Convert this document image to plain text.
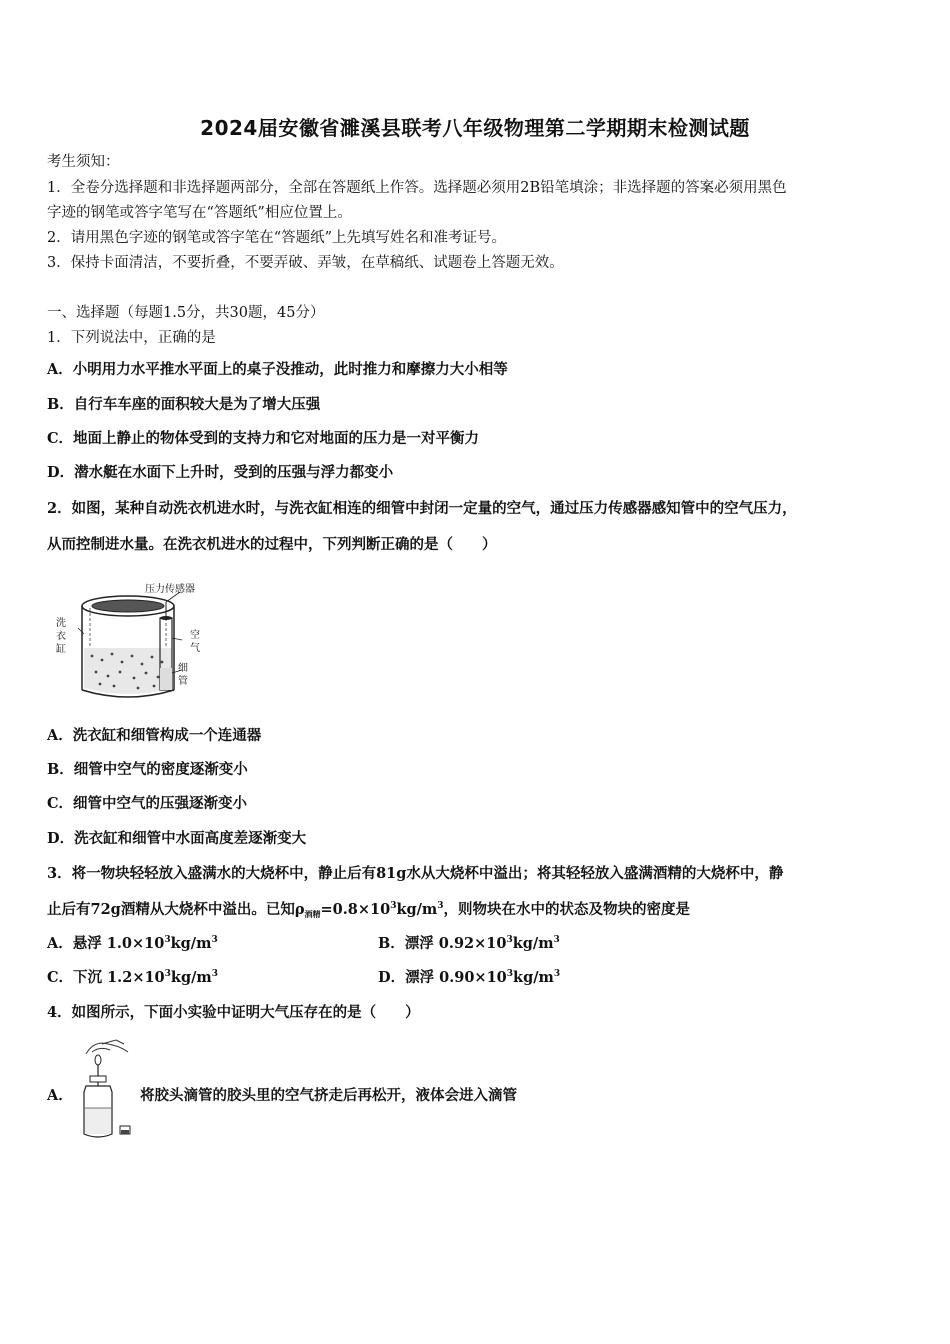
2024届安徽省濉溪县联考八年级物理第二学期期末检测试题
考生须知：
1．全卷分选择题和非选择题两部分，全部在答题纸上作答。选择题必须用2B铅笔填涂；非选择题的答案必须用黑色
字迹的钢笔或答字笔写在“答题纸”相应位置上。
2．请用黑色字迹的钢笔或答字笔在“答题纸”上先填写姓名和准考证号。
3．保持卡面清洁，不要折叠，不要弄破、弄皱，在草稿纸、试题卷上答题无效。
一、选择题（每题1.5分，共30题，45分）
1．下列说法中，正确的是
A．小明用力水平推水平面上的桌子没推动，此时推力和摩擦力大小相等
B．自行车车座的面积较大是为了增大压强
C．地面上静止的物体受到的支持力和它对地面的压力是一对平衡力
D．潜水艇在水面下上升时，受到的压强与浮力都变小
2．如图，某种自动洗衣机进水时，与洗衣缸相连的细管中封闭一定量的空气，通过压力传感器感知管中的空气压力，
从而控制进水量。在洗衣机进水的过程中，下列判断正确的是（　　）
压力传感器
洗
衣
缸
空
气
细
管
A．洗衣缸和细管构成一个连通器
B．细管中空气的密度逐渐变小
C．细管中空气的压强逐渐变小
D．洗衣缸和细管中水面高度差逐渐变大
3．将一物块轻轻放入盛满水的大烧杯中，静止后有81g水从大烧杯中溢出；将其轻轻放入盛满酒精的大烧杯中，静
止后有72g酒精从大烧杯中溢出。已知$\rho_{酒精}=0.8\times 10^3kg/m^3$，则物块在水中的状态及物块的密度是
A．悬浮 $1.0\times 10^3kg/m^3$	B．漂浮 $0.92\times 10^3kg/m^3$
C．下沉 $1.2\times 10^3kg/m^3$	D．漂浮 $0.90\times 10^3kg/m^3$
4．如图所示，下面小实验中证明大气压存在的是（　　）
A．	将胶头滴管的胶头里的空气挤走后再松开，液体会进入滴管
